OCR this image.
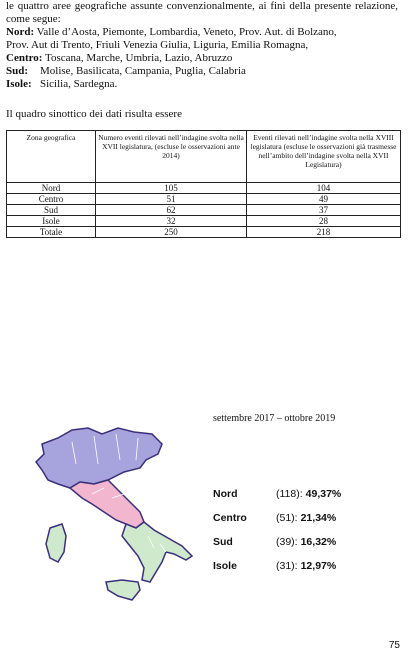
le quattro aree geografiche assunte convenzionalmente, ai fini della presente relazione, come segue:

Nord: Valle d’Aosta, Piemonte, Lombardia, Veneto, Prov. Aut. di Bolzano,

Prov. Aut di Trento, Friuli Venezia Giulia, Liguria, Emilia Romagna,

Centro: Toscana, Marche, Umbria, Lazio, Abruzzo

Sud: Molise, Basilicata, Campania, Puglia, Calabria

Isole: Sicilia, Sardegna.

Il quadro sinottico dei dati risulta essere
Zona geografica	Numero eventi rilevati nell’indagine svolta nella XVII legislatura, (escluse le osservazioni ante 2014)	Eventi rilevati nell’indagine svolta nella XVIII legislatura (escluse le osservazioni già trasmesse nell’ambito dell’indagine svolta nella XVII Legislatura)
Nord	105	104
Centro	51	49
Sud	62	37
Isole	32	28
Totale	250	218
settembre 2017 – ottobre 2019
Nord	(118): 49,37%
Centro	(51): 21,34%
Sud	(39): 16,32%
Isole	(31): 12,97%
75
